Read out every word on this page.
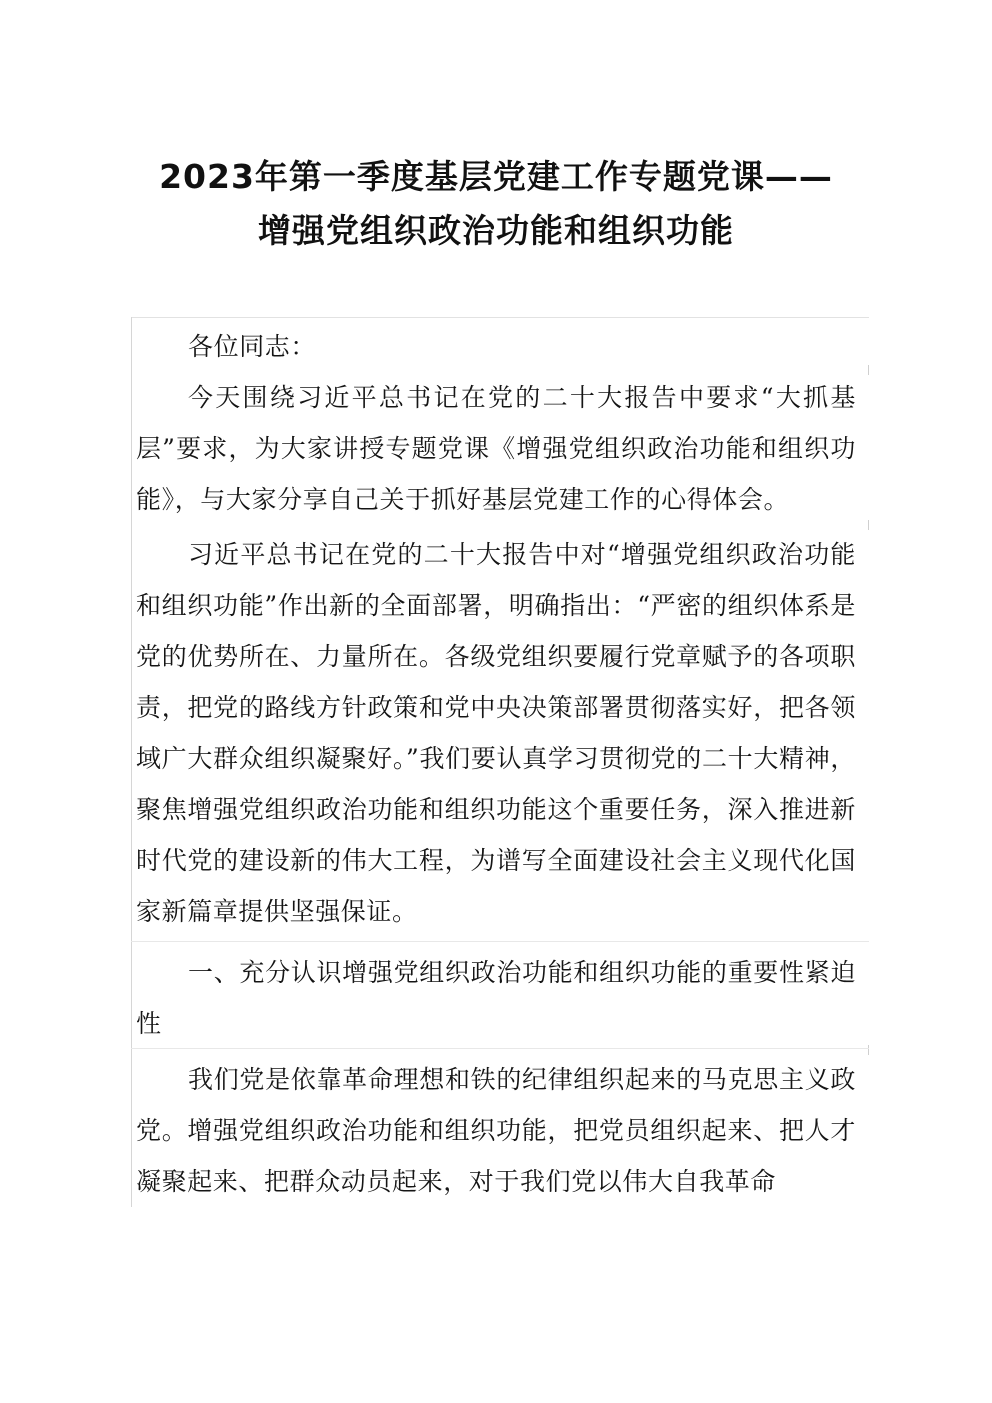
2023年第一季度基层党建工作专题党课——
增强党组织政治功能和组织功能

各位同志：

今天围绕习近平总书记在党的二十大报告中要求“大抓基层”要求，为大家讲授专题党课《增强党组织政治功能和组织功能》，与大家分享自己关于抓好基层党建工作的心得体会。

习近平总书记在党的二十大报告中对“增强党组织政治功能和组织功能”作出新的全面部署，明确指出：“严密的组织体系是党的优势所在、力量所在。各级党组织要履行党章赋予的各项职责，把党的路线方针政策和党中央决策部署贯彻落实好，把各领域广大群众组织凝聚好。”我们要认真学习贯彻党的二十大精神，聚焦增强党组织政治功能和组织功能这个重要任务，深入推进新时代党的建设新的伟大工程，为谱写全面建设社会主义现代化国家新篇章提供坚强保证。

一、充分认识增强党组织政治功能和组织功能的重要性紧迫性

我们党是依靠革命理想和铁的纪律组织起来的马克思主义政党。增强党组织政治功能和组织功能，把党员组织起来、把人才凝聚起来、把群众动员起来，对于我们党以伟大自我革命
